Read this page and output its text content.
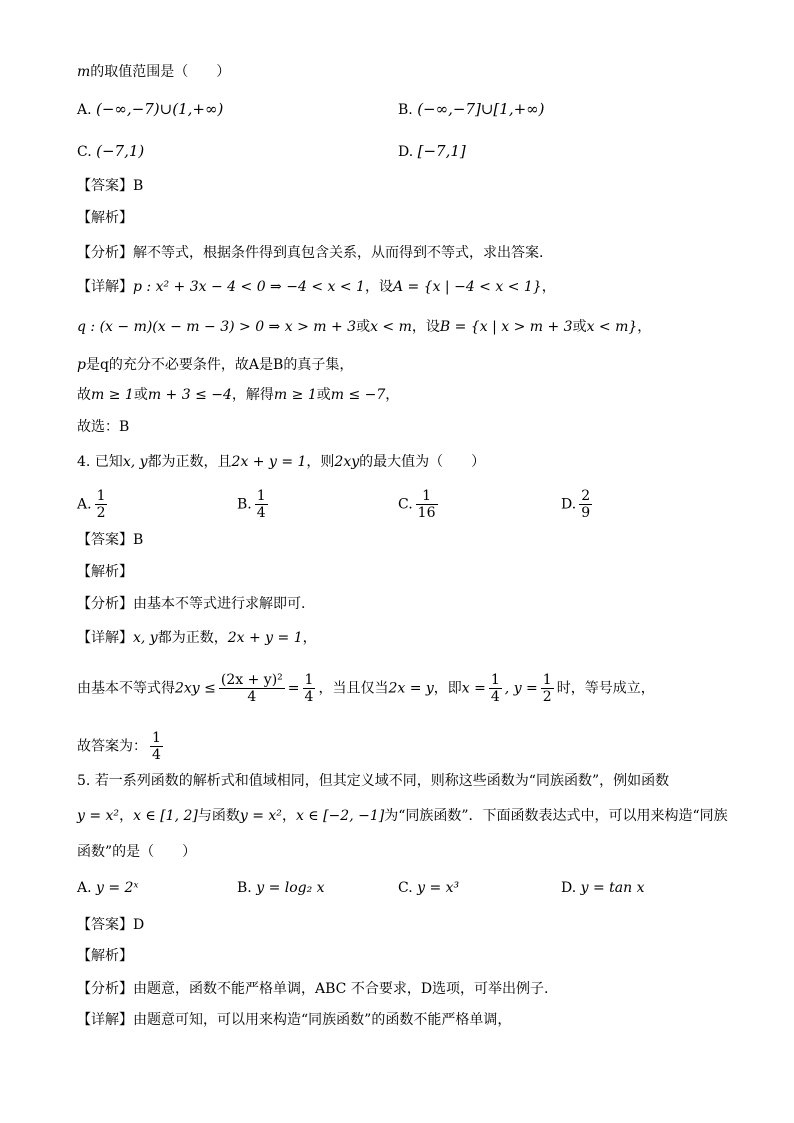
m的取值范围是（　　）
A. (−∞,−7)∪(1,+∞)	B. (−∞,−7]∪[1,+∞)
C. (−7,1)	D. [−7,1]
【答案】B
【解析】
【分析】解不等式，根据条件得到真包含关系，从而得到不等式，求出答案.
【详解】p : x² + 3x − 4 < 0 ⇒ −4 < x < 1，设A = {x | −4 < x < 1}，
q : (x − m)(x − m − 3) > 0 ⇒ x > m + 3或x < m，设B = {x | x > m + 3或x < m}，
p是q的充分不必要条件，故A是B的真子集，
故m ≥ 1或m + 3 ≤ −4，解得m ≥ 1或m ≤ −7，
故选：B
4. 已知x, y都为正数，且2x + y = 1，则2xy的最大值为（　　）
A. $\frac{1}{2}$	B. $\frac{1}{4}$	C. $\frac{1}{16}$	D. $\frac{2}{9}$
【答案】B
【解析】
【分析】由基本不等式进行求解即可.
【详解】x, y都为正数，2x + y = 1，
由基本不等式得$2xy \le \frac{\text{(2x + y)²}}{4} = \frac{1}{4}$ ，当且仅当2x = y，即$x = \frac{1}{4}$ , $y = \frac{1}{2}$ 时，等号成立，
故答案为： $\frac{1}{4}$
5. 若一系列函数的解析式和值域相同，但其定义域不同，则称这些函数为“同族函数”，例如函数
y = x²，x ∈ [1, 2]与函数y = x²，x ∈ [−2, −1]为“同族函数”．下面函数表达式中，可以用来构造“同族
函数”的是（　　）
A. y = 2ˣ	B. y = log₂ x	C. y = x³	D. y = tan x
【答案】D
【解析】
【分析】由题意，函数不能严格单调，ABC 不合要求，D选项，可举出例子.
【详解】由题意可知，可以用来构造“同族函数”的函数不能严格单调，
